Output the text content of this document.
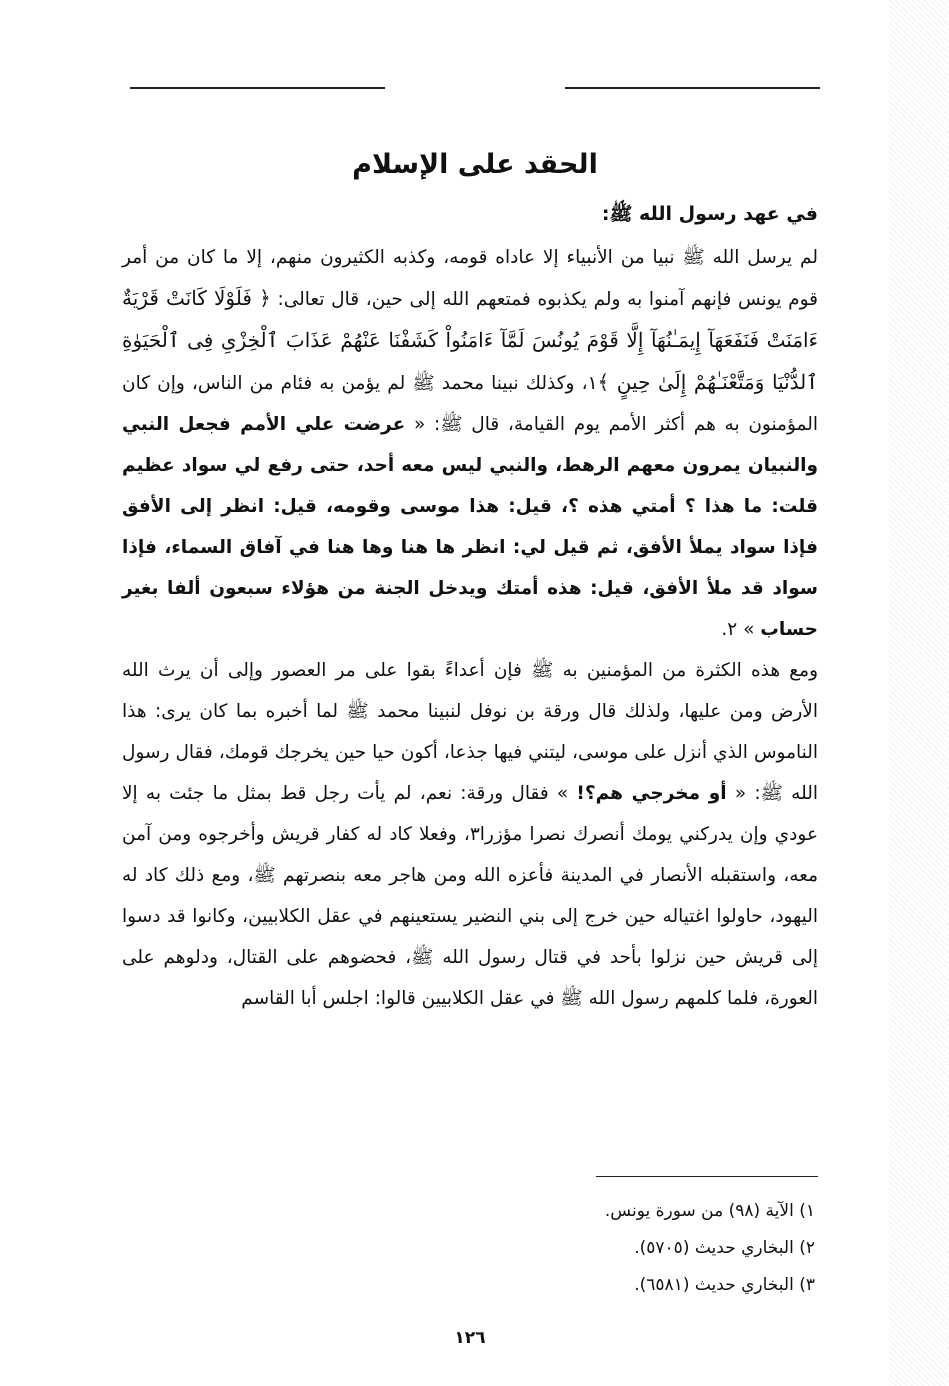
الحقد على الإسلام
في عهد رسول الله ﷺ:

لم يرسل الله ﷺ نبيا من الأنبياء إلا عاداه قومه، وكذبه الكثيرون منهم، إلا ما كان من أمر قوم يونس فإنهم آمنوا به ولم يكذبوه فمتعهم الله إلى حين، قال تعالى: ﴿ فَلَوْلَا كَانَتْ قَرْيَةٌ ءَامَنَتْ فَنَفَعَهَآ إِيمَـٰنُهَآ إِلَّا قَوْمَ يُونُسَ لَمَّآ ءَامَنُواْ كَشَفْنَا عَنْهُمْ عَذَابَ ٱلْخِزْىِ فِى ٱلْحَيَوٰةِ ٱلدُّنْيَا وَمَتَّعْنَـٰهُمْ إِلَىٰ حِينٍ ﴾١، وكذلك نبينا محمد ﷺ لم يؤمن به فئام من الناس، وإن كان المؤمنون به هم أكثر الأمم يوم القيامة، قال ﷺ: « عرضت علي الأمم فجعل النبي والنبيان يمرون معهم الرهط، والنبي ليس معه أحد، حتى رفع لي سواد عظيم قلت: ما هذا ؟ أمتي هذه ؟، قيل: هذا موسى وقومه، قيل: انظر إلى الأفق فإذا سواد يملأ الأفق، ثم قيل لي: انظر ها هنا وها هنا في آفاق السماء، فإذا سواد قد ملأ الأفق، قيل: هذه أمتك ويدخل الجنة من هؤلاء سبعون ألفا بغير حساب » ٢.

ومع هذه الكثرة من المؤمنين به ﷺ فإن أعداءً بقوا على مر العصور وإلى أن يرث الله الأرض ومن عليها، ولذلك قال ورقة بن نوفل لنبينا محمد ﷺ لما أخبره بما كان يرى: هذا الناموس الذي أنزل على موسى، ليتني فيها جذعا، أكون حيا حين يخرجك قومك، فقال رسول الله ﷺ: « أو مخرجي هم؟! » فقال ورقة: نعم، لم يأت رجل قط بمثل ما جئت به إلا عودي وإن يدركني يومك أنصرك نصرا مؤزرا٣، وفعلا كاد له كفار قريش وأخرجوه ومن آمن معه، واستقبله الأنصار في المدينة فأعزه الله ومن هاجر معه بنصرتهم ﷺ، ومع ذلك كاد له اليهود، حاولوا اغتياله حين خرج إلى بني النضير يستعينهم في عقل الكلابيين، وكانوا قد دسوا إلى قريش حين نزلوا بأحد في قتال رسول الله ﷺ، فحضوهم على القتال، ودلوهم على العورة، فلما كلمهم رسول الله ﷺ في عقل الكلابيين قالوا: اجلس أبا القاسم

١) الآية (٩٨) من سورة يونس.
٢) البخاري حديث (٥٧٠٥).
٣) البخاري حديث (٦٥٨١).
١٢٦
